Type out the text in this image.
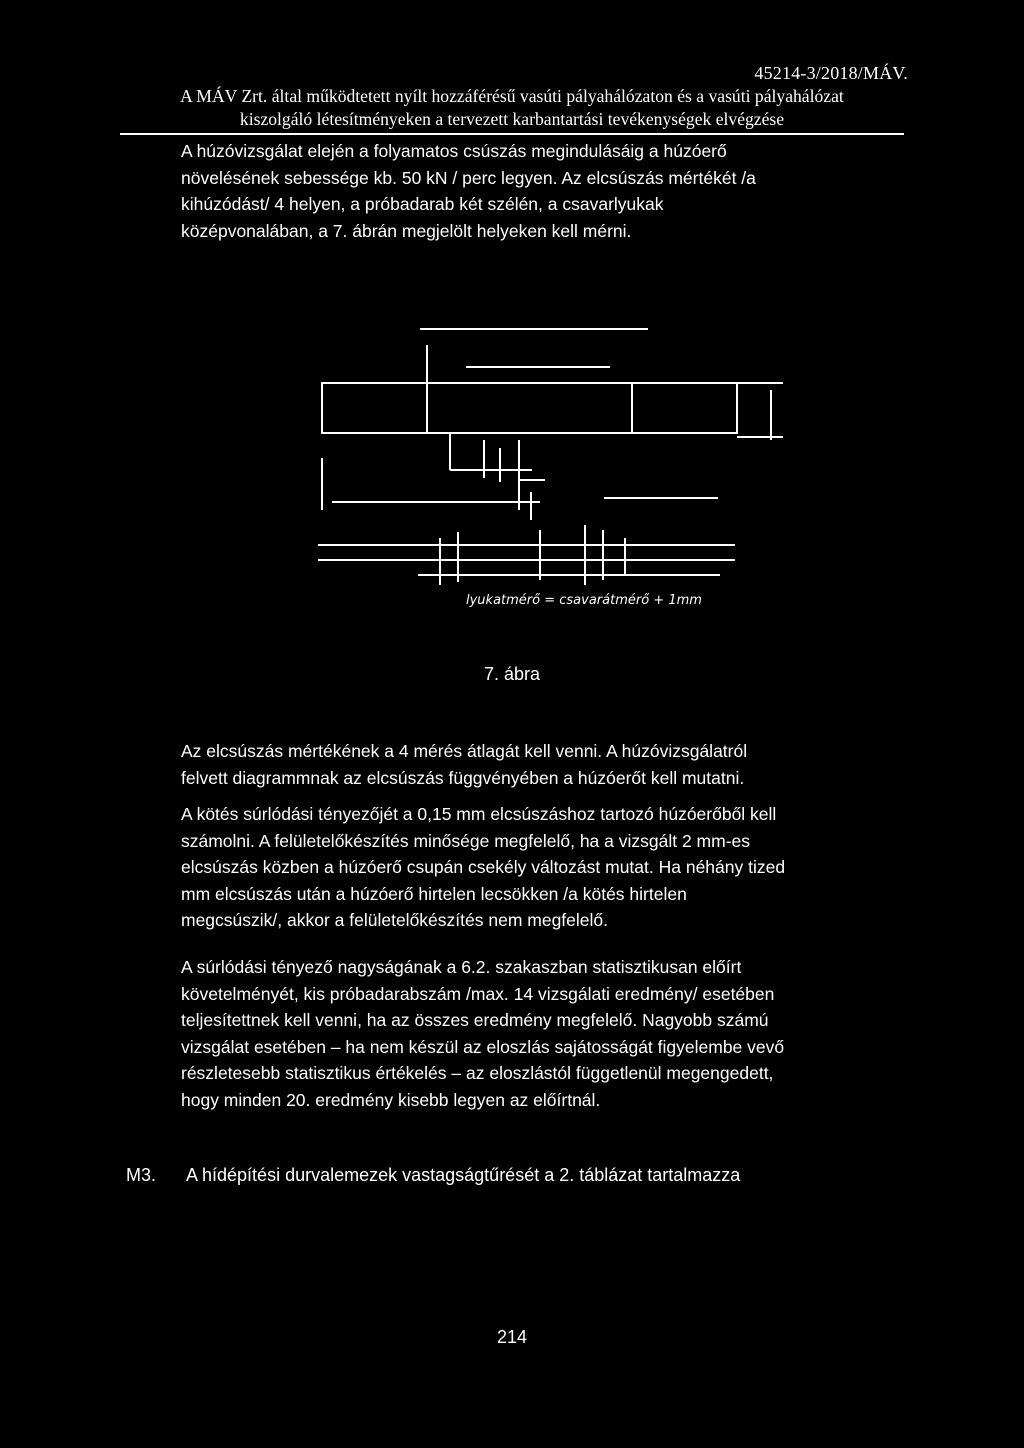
45214-3/2018/MÁV.
A MÁV Zrt. által működtetett nyílt hozzáférésű vasúti pályahálózaton és a vasúti pályahálózat
kiszolgáló létesítményeken a tervezett karbantartási tevékenységek elvégzése
A húzóvizsgálat elején a folyamatos csúszás megindulásáig a húzóerő
növelésének sebessége kb. 50 kN / perc legyen. Az elcsúszás mértékét /a
kihúzódást/ 4 helyen, a próbadarab két szélén, a csavarlyukak
középvonalában, a 7. ábrán megjelölt helyeken kell mérni.
lyukatmérő = csavarátmérő + 1mm
7. ábra
Az elcsúszás mértékének a 4 mérés átlagát kell venni. A húzóvizsgálatról
felvett diagrammnak az elcsúszás függvényében a húzóerőt kell mutatni.
A kötés súrlódási tényezőjét a 0,15 mm elcsúszáshoz tartozó húzóerőből kell
számolni. A felületelőkészítés minősége megfelelő, ha a vizsgált 2 mm-es
elcsúszás közben a húzóerő csupán csekély változást mutat. Ha néhány tized
mm elcsúszás után a húzóerő hirtelen lecsökken /a kötés hirtelen
megcsúszik/, akkor a felületelőkészítés nem megfelelő.
A súrlódási tényező nagyságának a 6.2. szakaszban statisztikusan előírt
követelményét, kis próbadarabszám /max. 14 vizsgálati eredmény/ esetében
teljesítettnek kell venni, ha az összes eredmény megfelelő. Nagyobb számú
vizsgálat esetében – ha nem készül az eloszlás sajátosságát figyelembe vevő
részletesebb statisztikus értékelés – az eloszlástól függetlenül megengedett,
hogy minden 20. eredmény kisebb legyen az előírtnál.
M3. A hídépítési durvalemezek vastagságtűrését a 2. táblázat tartalmazza
214
